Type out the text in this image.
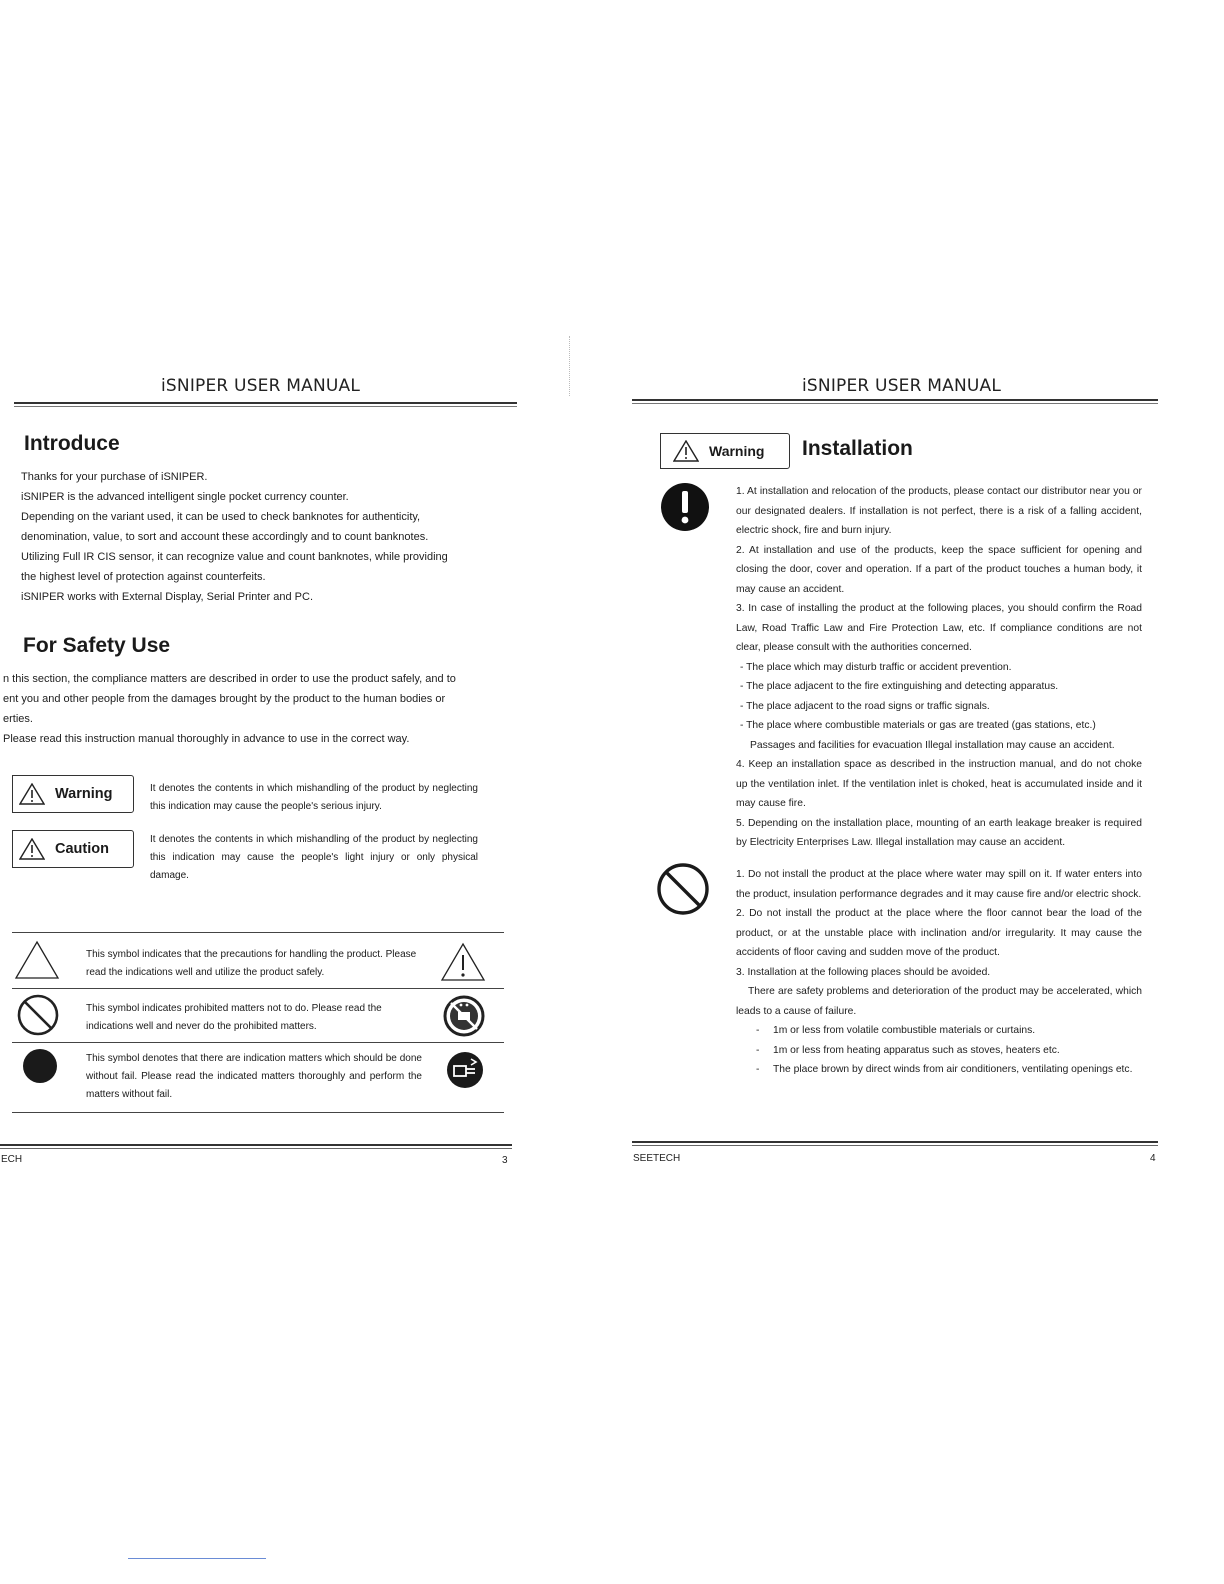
iSNIPER USER MANUAL
Introduce

Thanks for your purchase of iSNIPER.

iSNIPER is the advanced intelligent single pocket currency counter.

Depending on the variant used, it can be used to check banknotes for authenticity,

denomination, value, to sort and account these accordingly and to count banknotes.

Utilizing Full IR CIS sensor, it can recognize value and count banknotes, while providing

the highest level of protection against counterfeits.

iSNIPER works with External Display, Serial Printer and PC.

For Safety Use

n this section, the compliance matters are described in order to use the product safely, and to

ent you and other people from the damages brought by the product to the human bodies or

erties.

Please read this instruction manual thoroughly in advance to use in the correct way.

Warning	It denotes the contents in which mishandling of the product by neglecting this indication may cause the people's serious injury.
Caution
It denotes the contents in which mishandling of the product by neglecting this indication may cause the people's light injury or only physical damage.
This symbol indicates that the precautions for handling the product. Please read the indications well and utilize the product safely.
This symbol indicates prohibited matters not to do. Please read the indications well and never do the prohibited matters.
This symbol denotes that there are indication matters which should be done without fail. Please read the indicated matters thoroughly and perform the matters without fail.
ECH	3
iSNIPER USER MANUAL
Warning Installation

1. At installation and relocation of the products, please contact our distributor near you or our designated dealers. If installation is not perfect, there is a risk of a falling accident, electric shock, fire and burn injury.

2. At installation and use of the products, keep the space sufficient for opening and closing the door, cover and operation. If a part of the product touches a human body, it may cause an accident.

3. In case of installing the product at the following places, you should confirm the Road Law, Road Traffic Law and Fire Protection Law, etc. If compliance conditions are not clear, please consult with the authorities concerned.

- The place which may disturb traffic or accident prevention.

- The place adjacent to the fire extinguishing and detecting apparatus.

- The place adjacent to the road signs or traffic signals.

- The place where combustible materials or gas are treated (gas stations, etc.)

Passages and facilities for evacuation Illegal installation may cause an accident.

4. Keep an installation space as described in the instruction manual, and do not choke up the ventilation inlet. If the ventilation inlet is choked, heat is accumulated inside and it may cause fire.

5. Depending on the installation place, mounting of an earth leakage breaker is required by Electricity Enterprises Law. Illegal installation may cause an accident.

1. Do not install the product at the place where water may spill on it. If water enters into the product, insulation performance degrades and it may cause fire and/or electric shock.

2. Do not install the product at the place where the floor cannot bear the load of the product, or at the unstable place with inclination and/or irregularity. It may cause the accidents of floor caving and sudden move of the product.

3. Installation at the following places should be avoided.

There are safety problems and deterioration of the product may be accelerated, which leads to a cause of failure.

- 1m or less from volatile combustible materials or curtains.

- 1m or less from heating apparatus such as stoves, heaters etc.

- The place brown by direct winds from air conditioners, ventilating openings etc.

SEETECH	4
